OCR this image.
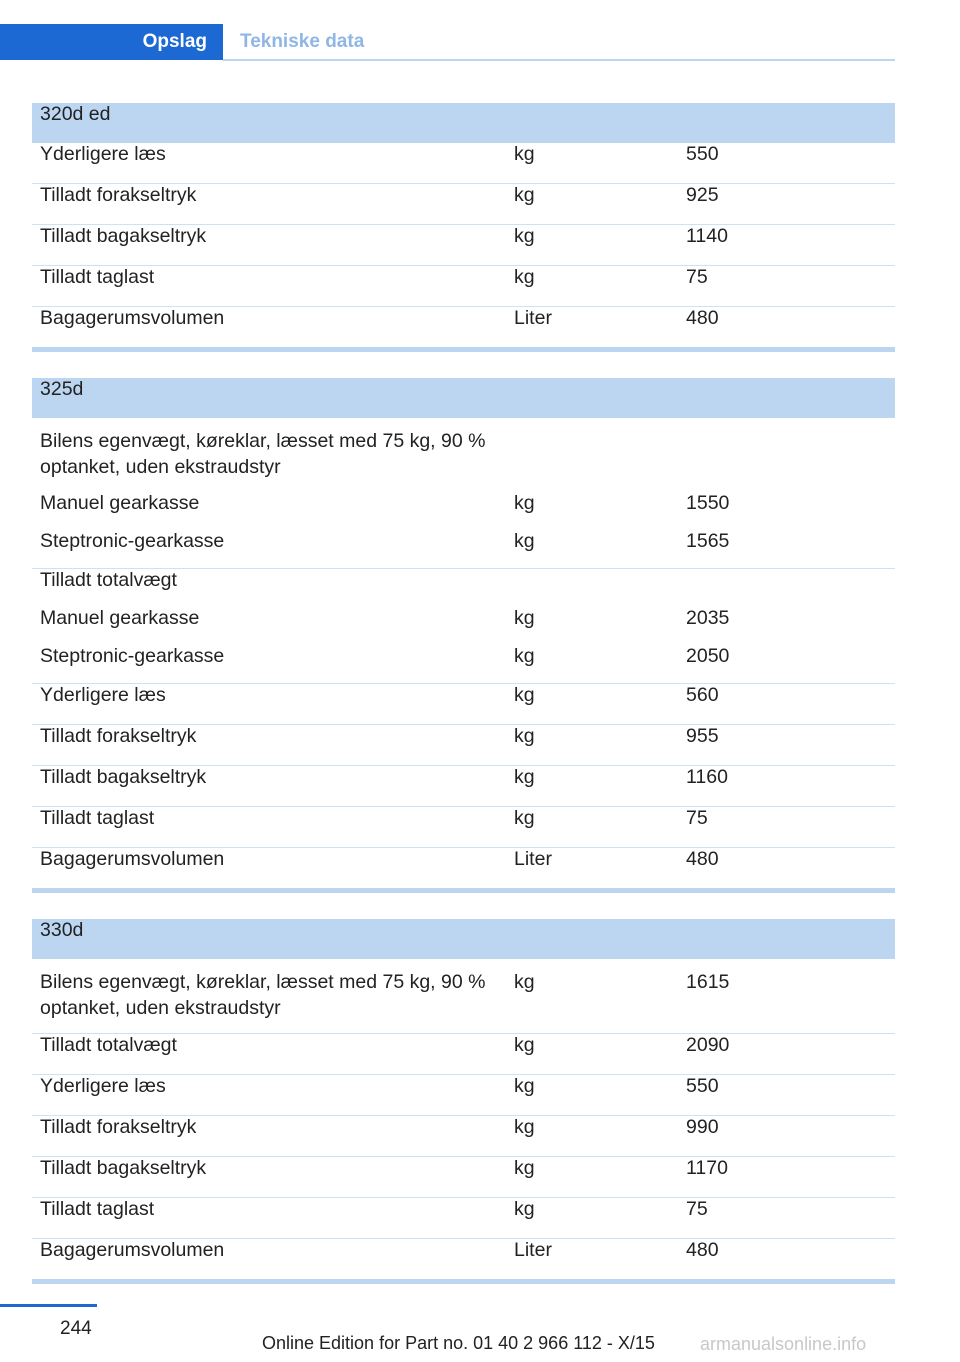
Opslag	Tekniske data
320d ed		
Yderligere læs	kg	550
Tilladt forakseltryk	kg	925
Tilladt bagakseltryk	kg	1140
Tilladt taglast	kg	75
Bagagerumsvolumen	Liter	480

325d		
Bilens egenvægt, køreklar, læsset med 75 kg, 90 % optanket, uden ekstraudstyr		
Manuel gearkasse	kg	1550
Steptronic-gearkasse	kg	1565
Tilladt totalvægt		
Manuel gearkasse	kg	2035
Steptronic-gearkasse	kg	2050
Yderligere læs	kg	560
Tilladt forakseltryk	kg	955
Tilladt bagakseltryk	kg	1160
Tilladt taglast	kg	75
Bagagerumsvolumen	Liter	480

330d		
Bilens egenvægt, køreklar, læsset med 75 kg, 90 % optanket, uden ekstraudstyr	kg	1615
Tilladt totalvægt	kg	2090
Yderligere læs	kg	550
Tilladt forakseltryk	kg	990
Tilladt bagakseltryk	kg	1170
Tilladt taglast	kg	75
Bagagerumsvolumen	Liter	480

244
Online Edition for Part no. 01 40 2 966 112 - X/15	armanualsonline.info
